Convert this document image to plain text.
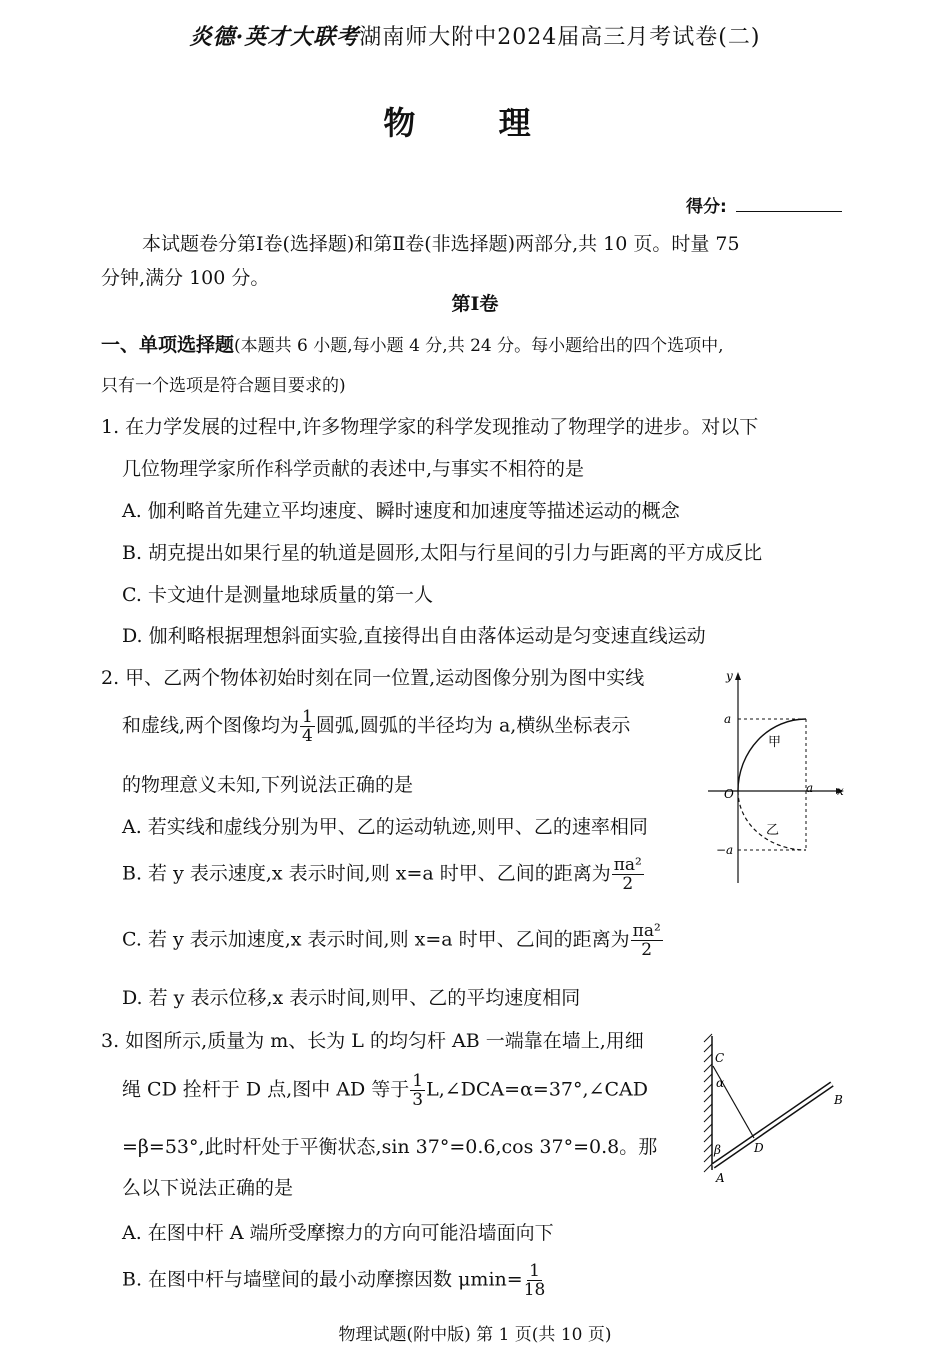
炎德·英才大联考湖南师大附中2024届高三月考试卷(二)
物 理
得分:
本试题卷分第Ⅰ卷(选择题)和第Ⅱ卷(非选择题)两部分,共 10 页。时量 75
分钟,满分 100 分。
第Ⅰ卷
一、单项选择题(本题共 6 小题,每小题 4 分,共 24 分。每小题给出的四个选项中,
只有一个选项是符合题目要求的)
1. 在力学发展的过程中,许多物理学家的科学发现推动了物理学的进步。对以下
几位物理学家所作科学贡献的表述中,与事实不相符的是
A. 伽利略首先建立平均速度、瞬时速度和加速度等描述运动的概念
B. 胡克提出如果行星的轨道是圆形,太阳与行星间的引力与距离的平方成反比
C. 卡文迪什是测量地球质量的第一人
D. 伽利略根据理想斜面实验,直接得出自由落体运动是匀变速直线运动
2. 甲、乙两个物体初始时刻在同一位置,运动图像分别为图中实线
和虚线,两个图像均为 $\frac{1}{4}$ 圆弧,圆弧的半径均为 a,横纵坐标表示
的物理意义未知,下列说法正确的是
A. 若实线和虚线分别为甲、乙的运动轨迹,则甲、乙的速率相同
B. 若 y 表示速度,x 表示时间,则 x=a 时甲、乙间的距离为 $\frac{\text{πa²}}{2}$
C. 若 y 表示加速度,x 表示时间,则 x=a 时甲、乙间的距离为 $\frac{\text{πa²}}{2}$
D. 若 y 表示位移,x 表示时间,则甲、乙的平均速度相同
y
a
甲
O	a x
乙
−a
3. 如图所示,质量为 m、长为 L 的均匀杆 AB 一端靠在墙上,用细
绳 CD 拴杆于 D 点,图中 AD 等于 $\frac{1}{3}$ L,∠DCA=α=37°,∠CAD
=β=53°,此时杆处于平衡状态,sin 37°=0.6,cos 37°=0.8。那
么以下说法正确的是
A. 在图中杆 A 端所受摩擦力的方向可能沿墙面向下
B. 在图中杆与墙壁间的最小动摩擦因数 $\mu\min= \frac{1}{18}$
C
α
B
β	D
A
物理试题(附中版) 第 1 页(共 10 页)
